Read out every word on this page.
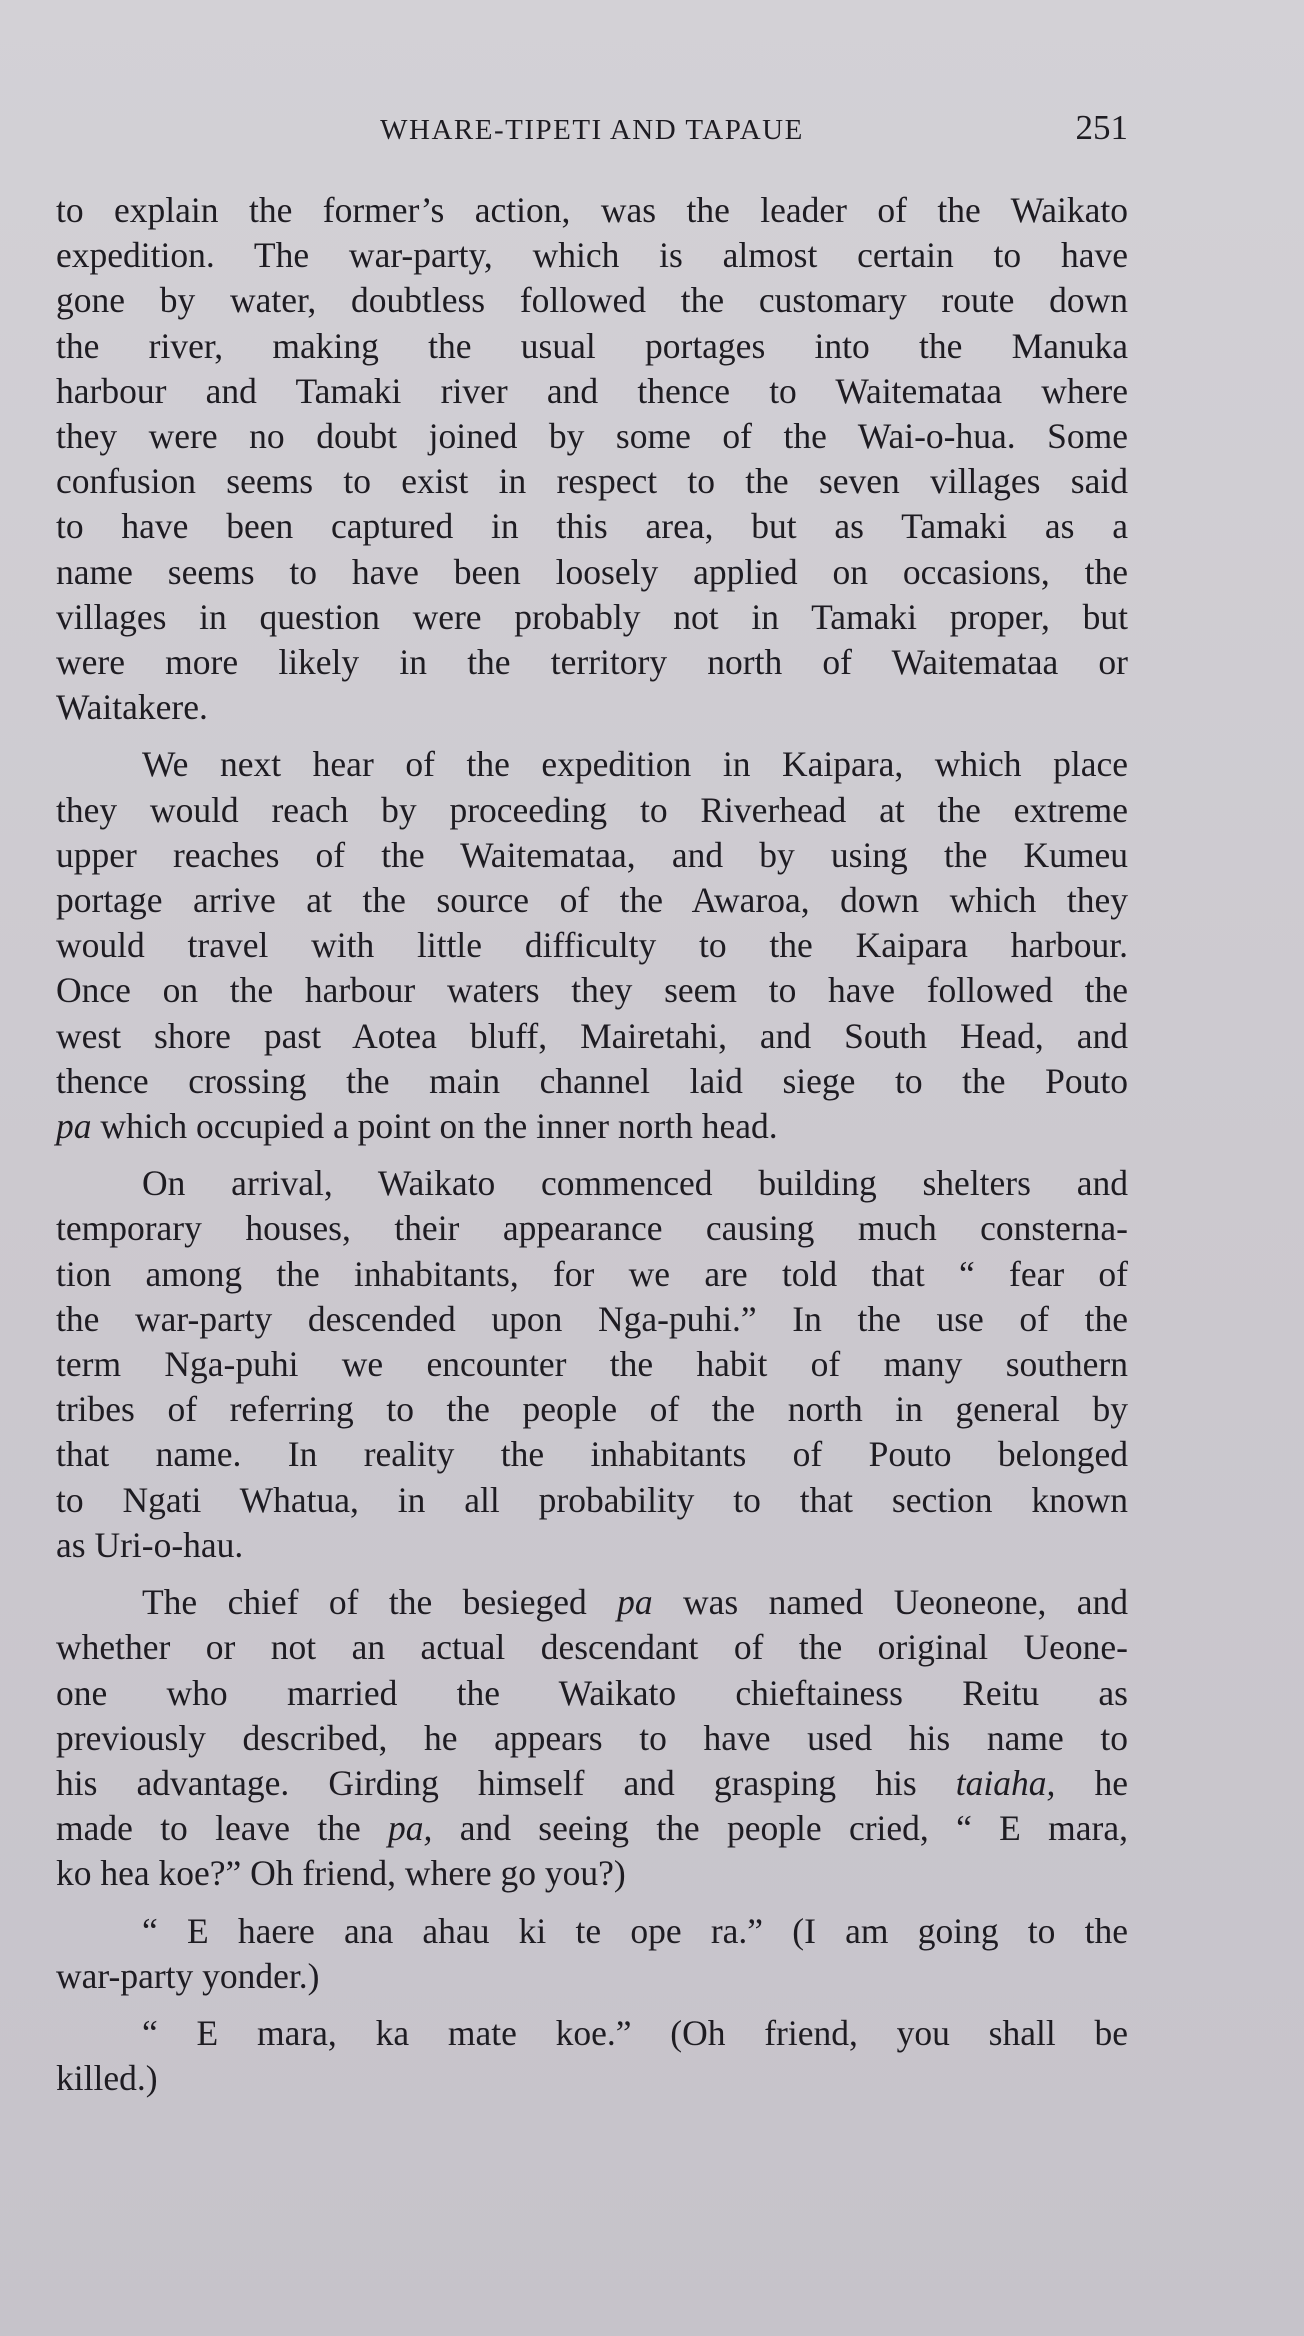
WHARE-TIPETI AND TAPAUE	251
to explain the former’s action, was the leader of the Waikato
expedition. The war-party, which is almost certain to have
gone by water, doubtless followed the customary route down
the river, making the usual portages into the Manuka
harbour and Tamaki river and thence to Waitemataa where
they were no doubt joined by some of the Wai-o-hua. Some
confusion seems to exist in respect to the seven villages said
to have been captured in this area, but as Tamaki as a
name seems to have been loosely applied on occasions, the
villages in question were probably not in Tamaki proper, but
were more likely in the territory north of Waitemataa or
Waitakere.
We next hear of the expedition in Kaipara, which place
they would reach by proceeding to Riverhead at the extreme
upper reaches of the Waitemataa, and by using the Kumeu
portage arrive at the source of the Awaroa, down which they
would travel with little difficulty to the Kaipara harbour.
Once on the harbour waters they seem to have followed the
west shore past Aotea bluff, Mairetahi, and South Head, and
thence crossing the main channel laid siege to the Pouto
pa which occupied a point on the inner north head.
On arrival, Waikato commenced building shelters and
temporary houses, their appearance causing much consterna-
tion among the inhabitants, for we are told that “ fear of
the war-party descended upon Nga-puhi.” In the use of the
term Nga-puhi we encounter the habit of many southern
tribes of referring to the people of the north in general by
that name. In reality the inhabitants of Pouto belonged
to Ngati Whatua, in all probability to that section known
as Uri-o-hau.
The chief of the besieged pa was named Ueoneone, and
whether or not an actual descendant of the original Ueone-
one who married the Waikato chieftainess Reitu as
previously described, he appears to have used his name to
his advantage. Girding himself and grasping his taiaha, he
made to leave the pa, and seeing the people cried, “ E mara,
ko hea koe?” Oh friend, where go you?)
“ E haere ana ahau ki te ope ra.” (I am going to the
war-party yonder.)
“ E mara, ka mate koe.” (Oh friend, you shall be
killed.)
